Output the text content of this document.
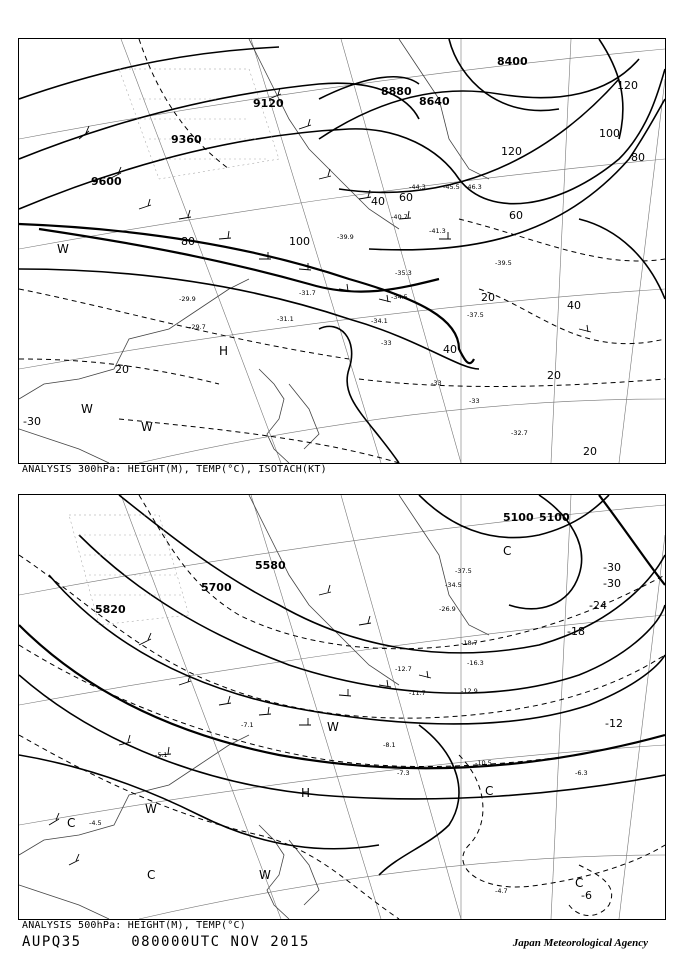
9600
9360
9120
8880
8640
8400
120
100
80
60
40
20
120
100
80
60
40
40
20
20
20
-30
H
W
W
W
-45.5 -46.3
-44.3
-41.3
-40.7
-39.9
-35.3
-34.5
-34.1
-33
-33
-33
-32.7
-31.7
-31.1
-29.9
-29.7
-37.5
-39.5
ANALYSIS 300hPa: HEIGHT(M), TEMP(°C), ISOTACH(KT)
5100 5100
5580
5700
5820
-30
-30
-24
-18
-12
-6
H	C
C
C
C
C
W
W
W
-37.5
-34.5
-26.9
-18.7
-16.3
-12.9
-12.7
-11.7
-10.5
-8.1
-7.3
-7.1
-6.3
-5.1
-4.7
-4.5
ANALYSIS 500hPa: HEIGHT(M), TEMP(°C)
AUPQ35	080000UTC NOV 2015	Japan Meteorological Agency
